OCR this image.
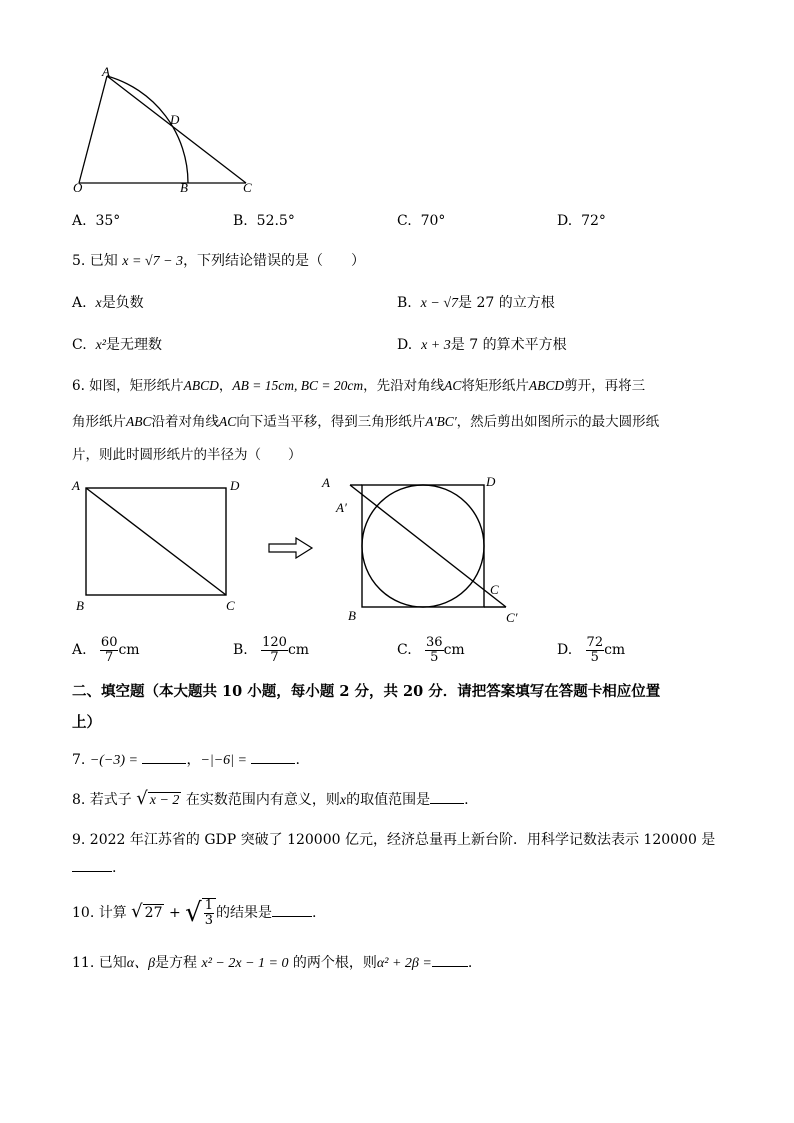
A
D
O	B	C
A. 35°	B. 52.5°	C. 70°	D. 72°
5. 已知 x = √7 − 3，下列结论错误的是（　　）
A. x是负数	B. x − √7是 27 的立方根
C. x²是无理数	D. x + 3是 7 的算术平方根
6. 如图，矩形纸片ABCD，AB = 15cm, BC = 20cm，先沿对角线AC将矩形纸片ABCD剪开，再将三
角形纸片ABC沿着对角线AC向下适当平移，得到三角形纸片A′BC′，然后剪出如图所示的最大圆形纸
片，则此时圆形纸片的半径为（　　）
A	D
B	C
A
A′
D
C
B	C′
A. $\frac{60}{7}$ cm	B. $\frac{120}{7}$ cm	C. $\frac{36}{5}$ cm	D. $\frac{72}{5}$ cm
二、填空题（本大题共 10 小题，每小题 2 分，共 20 分．请把答案填写在答题卡相应位置
上）
7. −(−3) =	，−|−6| =	.
8. 若式子 √ x − 2 在实数范围内有意义，则x的取值范围是 .
9. 2022 年江苏省的 GDP 突破了 120000 亿元，经济总量再上新台阶．用科学记数法表示 120000 是
.
10. 计算 √ 27 + √ $\frac{1}{3}$ 的结果是	.
11. 已知α、β是方程 x² − 2x − 1 = 0 的两个根，则α² + 2β =	.
